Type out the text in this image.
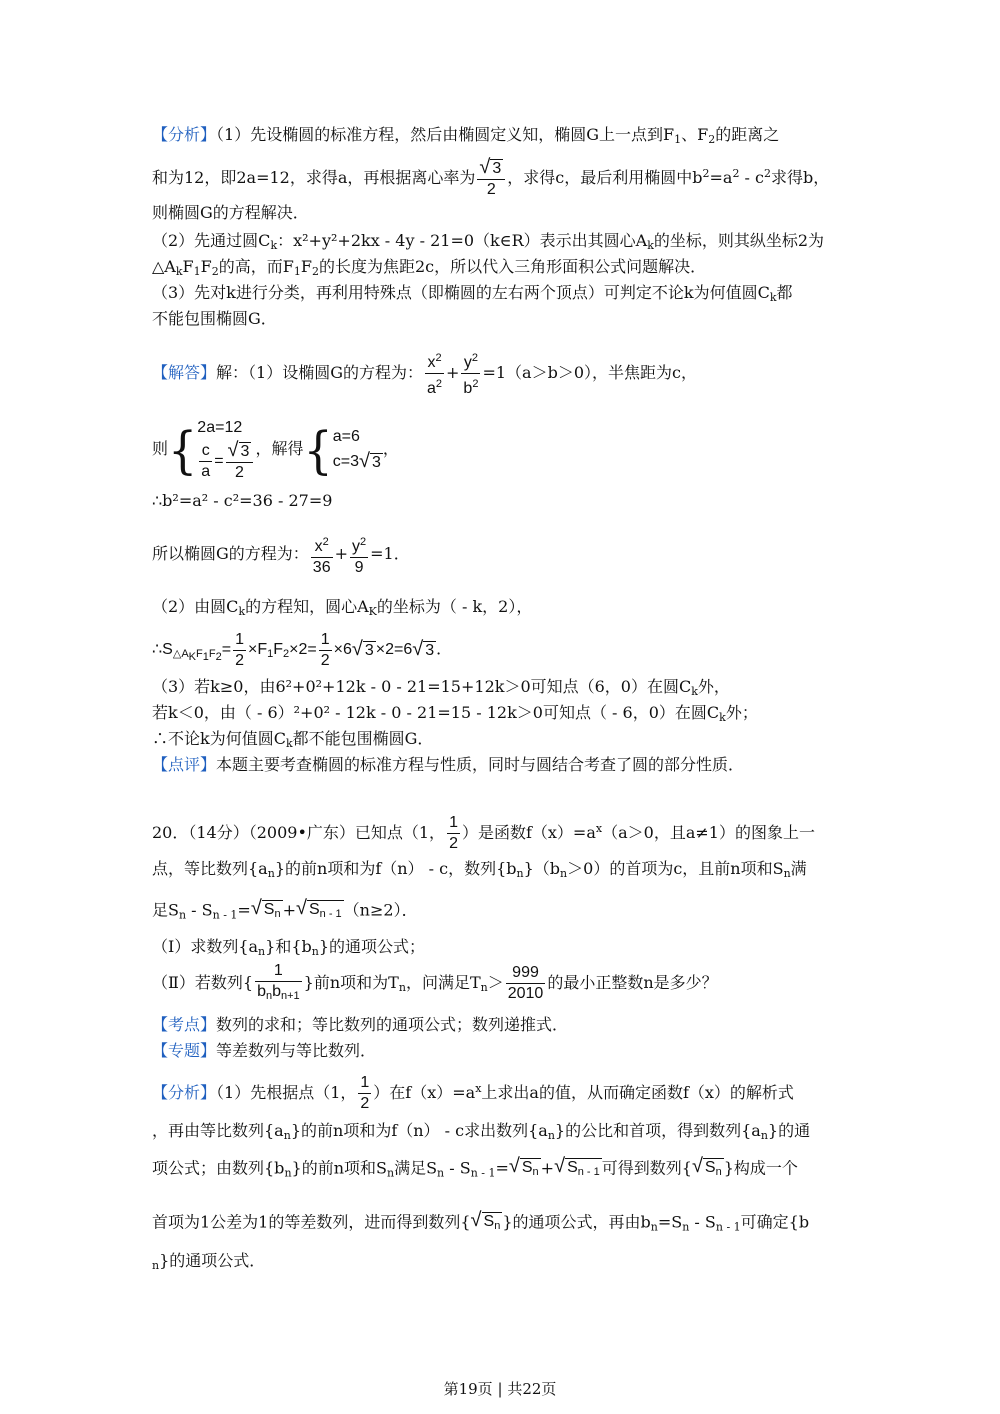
【分析】（1）先设椭圆的标准方程，然后由椭圆定义知，椭圆G上一点到$F_1$、$F_2$的距离之
和为12，即2a=12，求得a，再根据离心率为 $\frac{√ 3}{2}$ ，求得c，最后利用椭圆中$b^2=a^2 - c^2$求得b，
则椭圆G的方程解决．
（2）先通过圆$C_k$：x²+y²+2kx - 4y - 21=0（k∈R）表示出其圆心$A_k$的坐标，则其纵坐标2为
$\triangle A_kF_1F_2$的高，而$F_1F_2$的长度为焦距2c，所以代入三角形面积公式问题解决．
（3）先对k进行分类，再利用特殊点（即椭圆的左右两个顶点）可判定不论k为何值圆$C_k$都
不能包围椭圆G．
【解答】解：（1）设椭圆G的方程为： $\frac{x^2}{a^2} + \frac{y^2}{b^2} =1(a>b>0)$，半焦距为c，
则{ 2a=12
$\frac{c}{a} = \frac{√ 3}{2}$ ，解得{ a=6
c=3√ 3
，
∴b²=a² - c²=36 - 27=9
所以椭圆G的方程为： $\frac{x^2}{36} + \frac{y^2}{9} =1$．
（2）由圆$C_k$的方程知，圆心$A_K$的坐标为（ - k，2），
$\therefore S_{\triangle A_KF_1F_2}= \frac{1}{2} \times F_1F_2\times 2= \frac{1}{2} \times 6√$ 3 ×2=6√ 3 ．
（3）若k≥0，由6²+0²+12k - 0 - 21=15+12k＞0可知点（6，0）在圆$C_k$外，
若k＜0，由（ - 6）²+0² - 12k - 0 - 21=15 - 12k＞0可知点（ - 6，0）在圆$C_k$外；
∴不论k为何值圆$C_k$都不能包围椭圆G．
【点评】本题主要考查椭圆的标准方程与性质，同时与圆结合考查了圆的部分性质．
20．（14分）（2009•广东）已知点（1， $\frac{1}{2}$ ）是函数$f(x)=a^x(a>0$，且a≠1）的图象上一
点，等比数列$\{a_n\}$的前n项和为f（n） - c，数列$\{b_n\}(b_n>0)$的首项为c，且前n项和$S_n$满
足$S_n - S_{n - 1}=√$ $S_n$ +√ $S_{n - 1}$ （n≥2）．
（Ⅰ）求数列$\{a_n\}$和$\{b_n\}$的通项公式；
（Ⅱ）若数列{ $\frac{1}{b_nb_{n+1}}$ }前n项和为$T_n$，问满足$T_n> \frac{999}{2010}$ 的最小正整数n是多少？
【考点】数列的求和；等比数列的通项公式；数列递推式．
【专题】等差数列与等比数列．
【分析】（1）先根据点（1， $\frac{1}{2}$ ）在$f(x)=a^x$上求出a的值，从而确定函数f（x）的解析式
，再由等比数列$\{a_n\}$的前n项和为f（n） - c求出数列$\{a_n\}$的公比和首项，得到数列$\{a_n\}$的通
项公式；由数列$\{b_n\}$的前n项和$S_n$满足$S_n - S_{n - 1}=√$ $S_n$ +√ $S_{n - 1}$ 可得到数列{√ $S_n$ }构成一个
首项为1公差为1的等差数列，进而得到数列{√ $S_n$ }的通项公式，再由$b_n=S_n - S_{n - 1}$可确定{b
$_n$}的通项公式．
第19页 | 共22页
